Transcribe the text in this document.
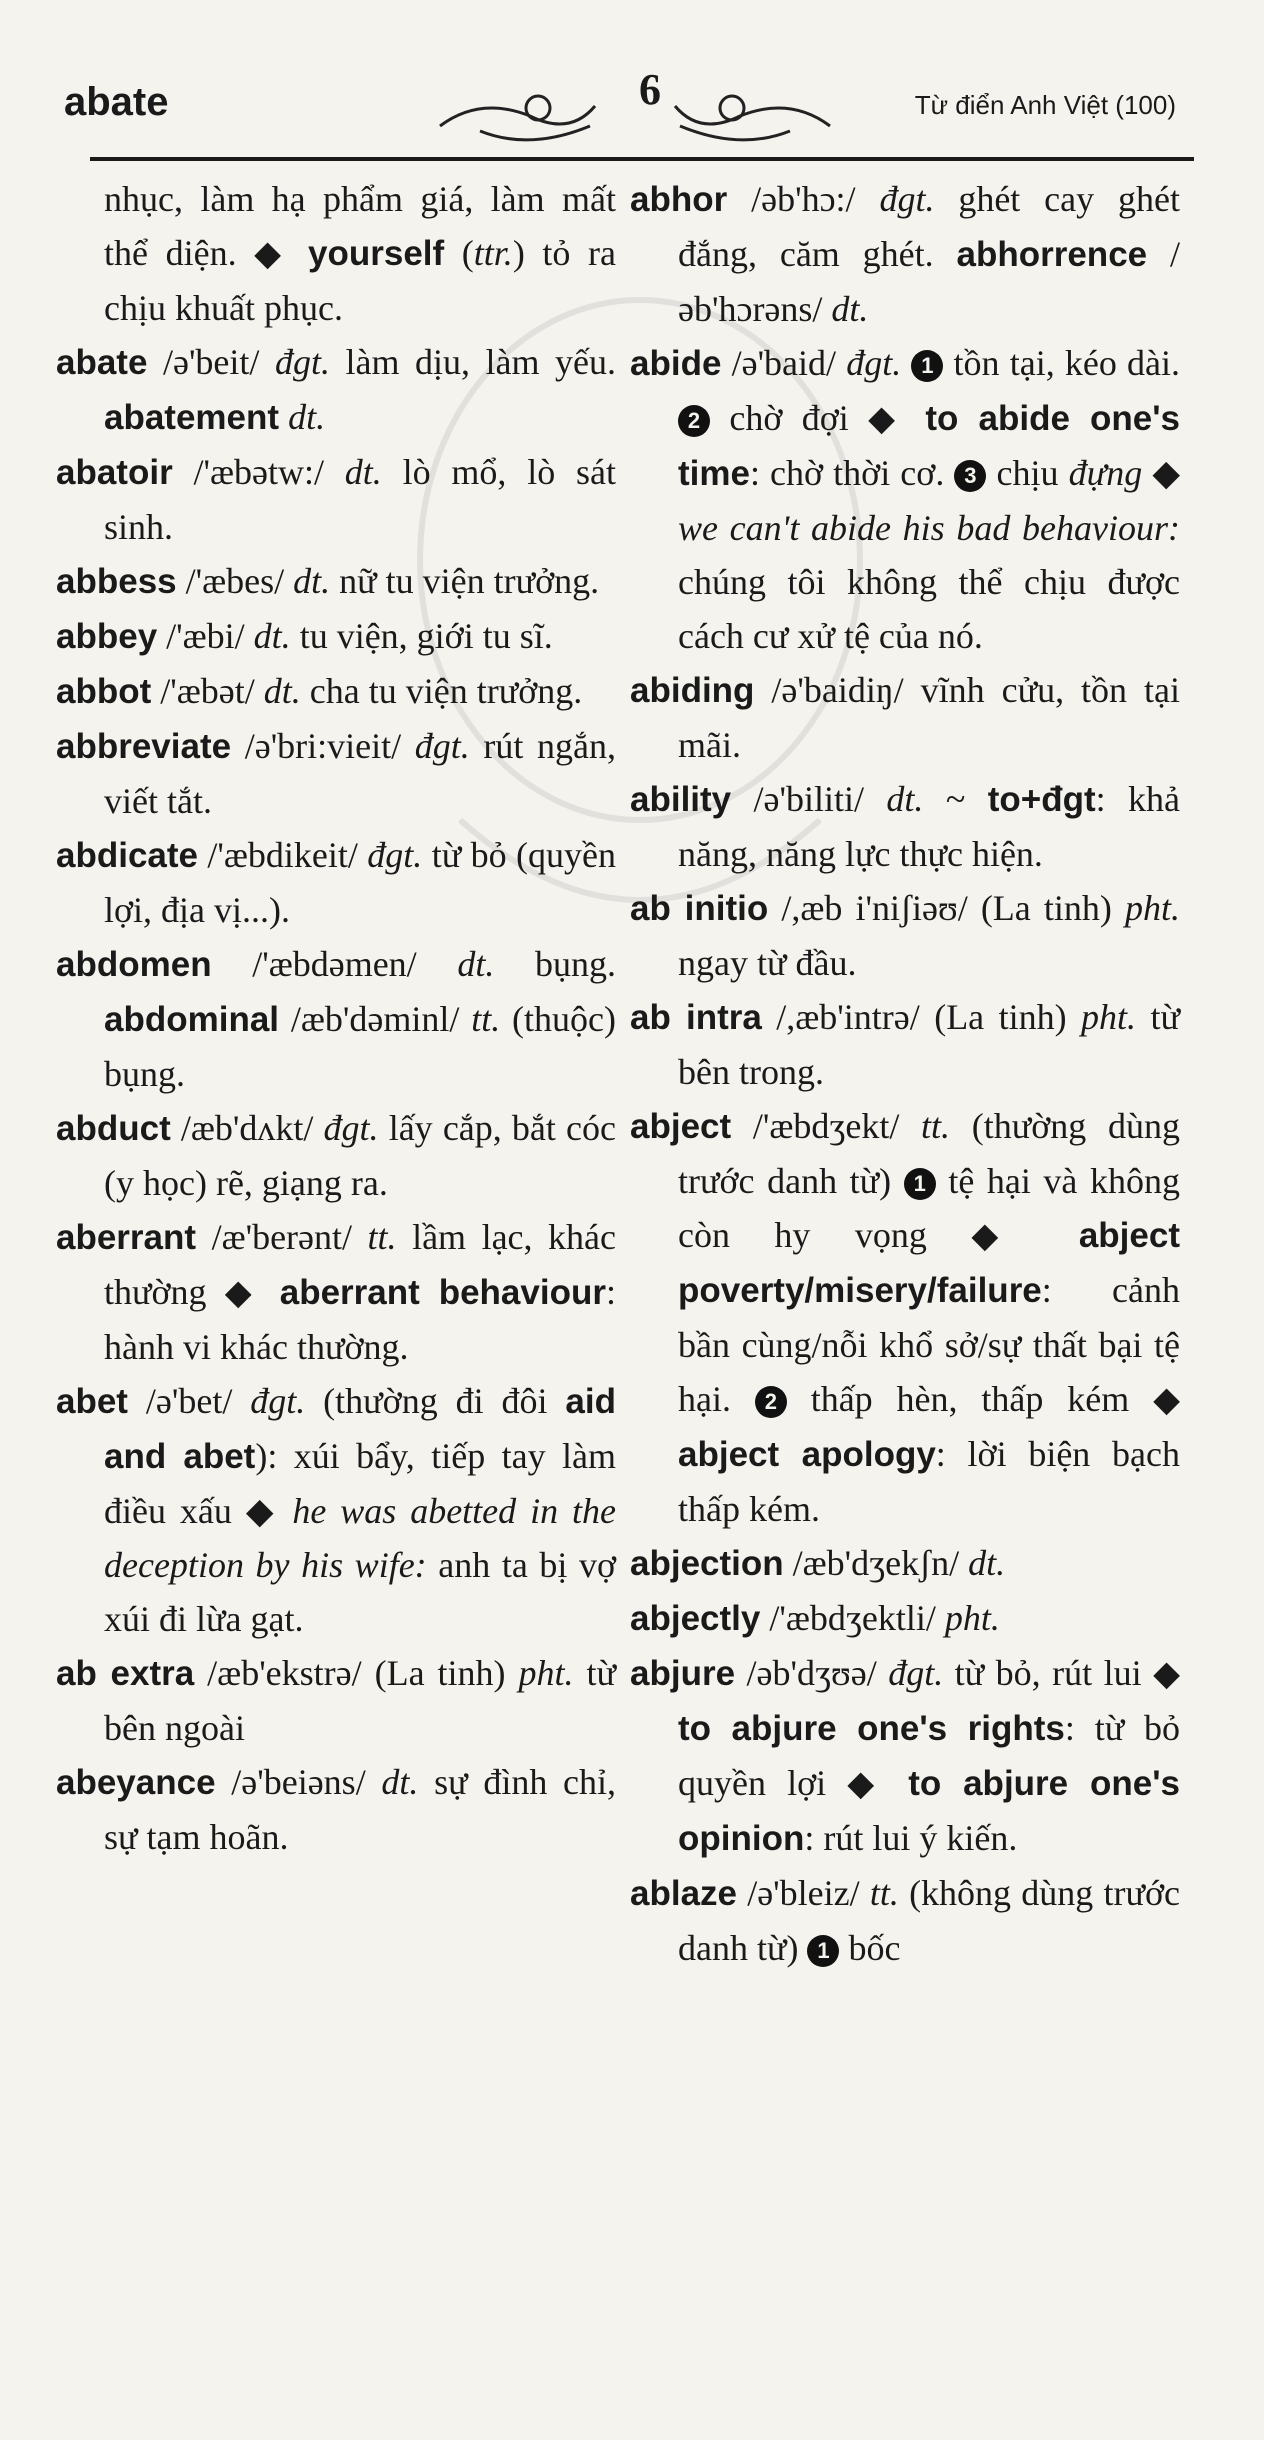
abate	6	Từ điển Anh Việt (100)
nhục, làm hạ phẩm giá, làm mất thể diện. ◆ yourself (ttr.) tỏ ra chịu khuất phục.
abate /ə'beit/ đgt. làm dịu, làm yếu. abatement dt.
abatoir /'æbətw:/ dt. lò mổ, lò sát sinh.
abbess /'æbes/ dt. nữ tu viện trưởng.
abbey /'æbi/ dt. tu viện, giới tu sĩ.
abbot /'æbət/ dt. cha tu viện trưởng.
abbreviate /ə'bri:vieit/ đgt. rút ngắn, viết tắt.
abdicate /'æbdikeit/ đgt. từ bỏ (quyền lợi, địa vị...).
abdomen /'æbdəmen/ dt. bụng. abdominal /æb'dəminl/ tt. (thuộc) bụng.
abduct /æb'dʌkt/ đgt. lấy cắp, bắt cóc (y học) rẽ, giạng ra.
aberrant /æ'berənt/ tt. lầm lạc, khác thường ◆ aberrant behaviour: hành vi khác thường.
abet /ə'bet/ đgt. (thường đi đôi aid and abet): xúi bẩy, tiếp tay làm điều xấu ◆ he was abetted in the deception by his wife: anh ta bị vợ xúi đi lừa gạt.
ab extra /æb'ekstrə/ (La tinh) pht. từ bên ngoài
abeyance /ə'beiəns/ dt. sự đình chỉ, sự tạm hoãn.
abhor /əb'hɔ:/ đgt. ghét cay ghét đắng, căm ghét. abhorrence /əb'hɔrəns/ dt.
abide /ə'baid/ đgt. 1 tồn tại, kéo dài. 2 chờ đợi ◆ to abide one's time: chờ thời cơ. 3 chịu đựng ◆ we can't abide his bad behaviour: chúng tôi không thể chịu được cách cư xử tệ của nó.
abiding /ə'baidiŋ/ vĩnh cửu, tồn tại mãi.
ability /ə'biliti/ dt. ~ to+đgt: khả năng, năng lực thực hiện.
ab initio /,æb i'niʃiəʊ/ (La tinh) pht. ngay từ đầu.
ab intra /,æb'intrə/ (La tinh) pht. từ bên trong.
abject /'æbdʒekt/ tt. (thường dùng trước danh từ) 1 tệ hại và không còn hy vọng ◆ abject poverty/misery/failure: cảnh bần cùng/nỗi khổ sở/sự thất bại tệ hại. 2 thấp hèn, thấp kém ◆ abject apology: lời biện bạch thấp kém.
abjection /æb'dʒekʃn/ dt.
abjectly /'æbdʒektli/ pht.
abjure /əb'dʒʊə/ đgt. từ bỏ, rút lui ◆ to abjure one's rights: từ bỏ quyền lợi ◆ to abjure one's opinion: rút lui ý kiến.
ablaze /ə'bleiz/ tt. (không dùng trước danh từ) 1 bốc
